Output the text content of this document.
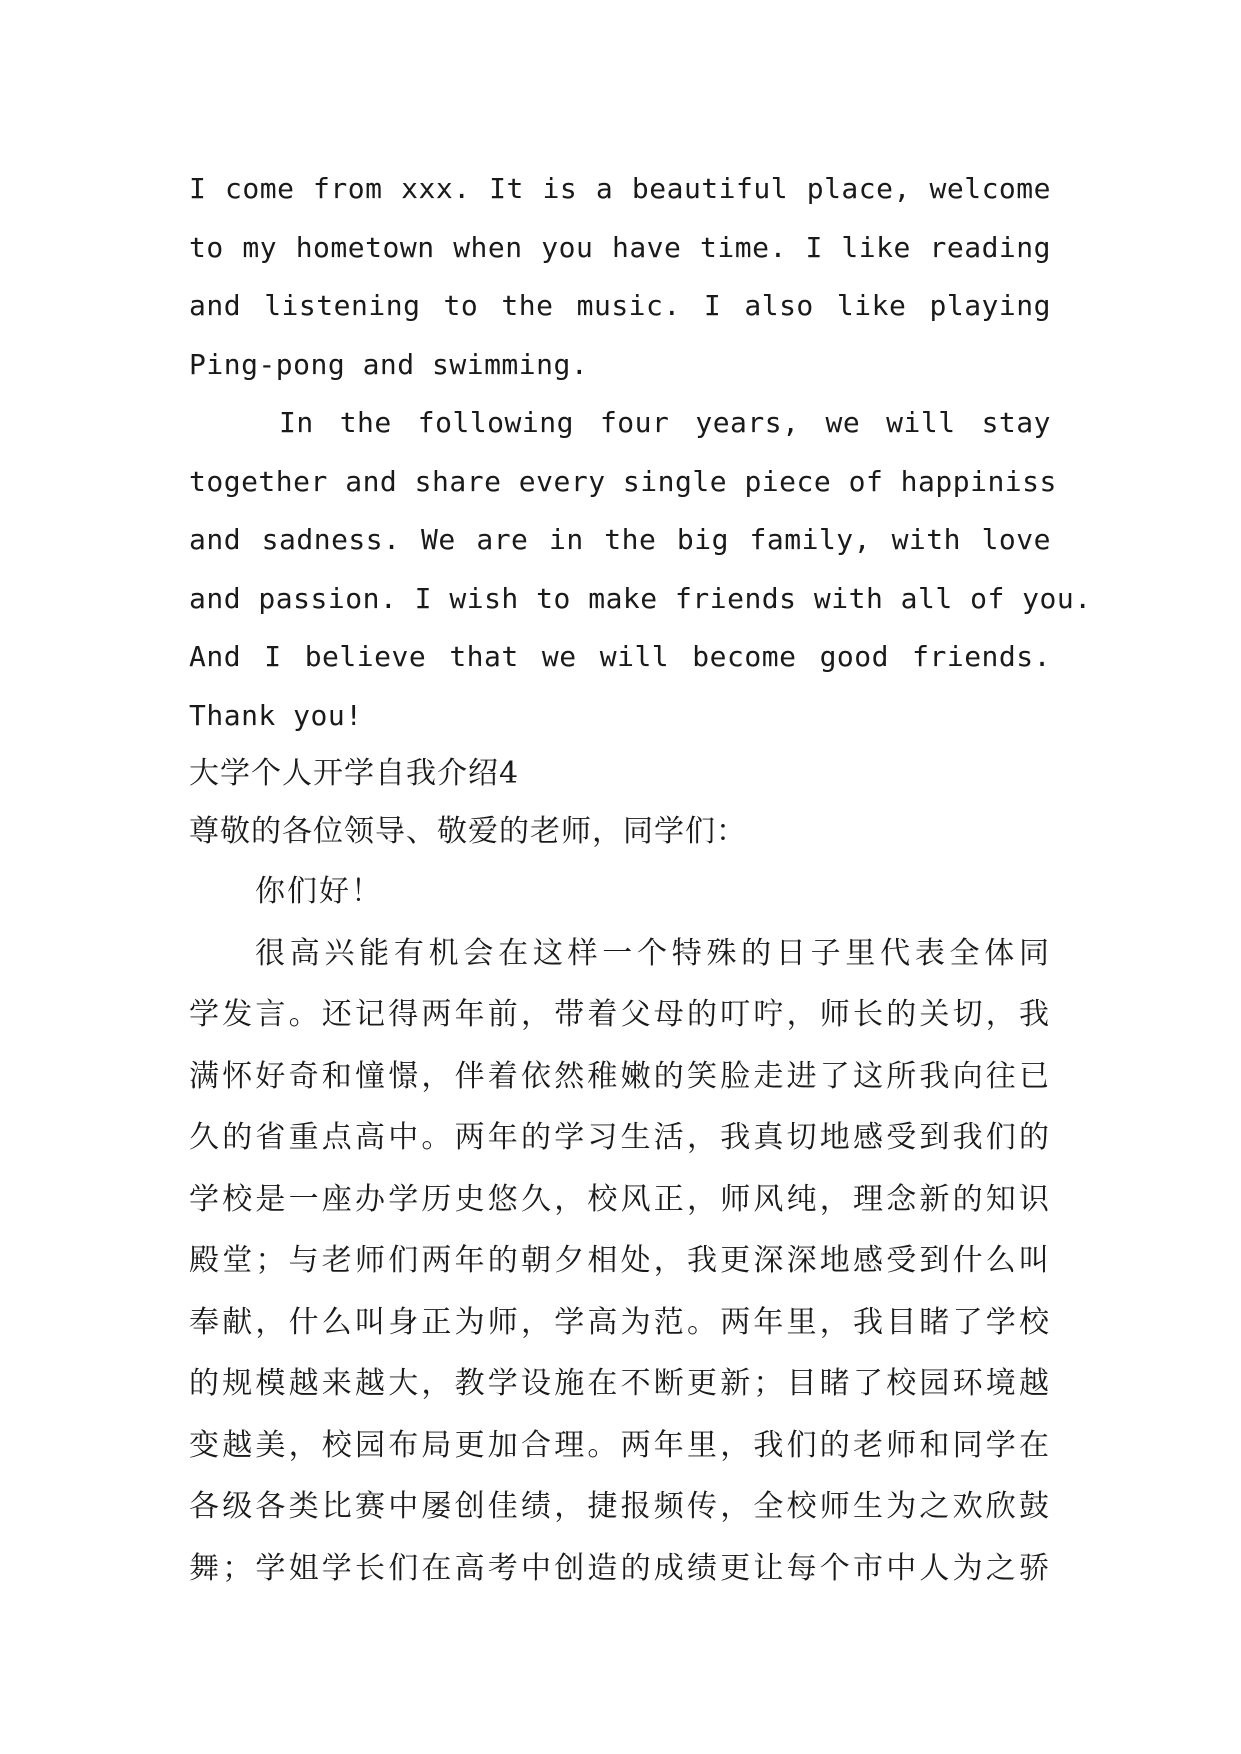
I come from xxx. It is a beautiful place, welcome
to my hometown when you have time. I like reading
and listening to the music. I also like playing
Ping-pong and swimming.
In the following four years, we will stay
together and share every single piece of happiniss
and sadness. We are in the big family, with love
and passion. I wish to make friends with all of you.
And I believe that we will become good friends.
Thank you!
大学个人开学自我介绍4
尊敬的各位领导、敬爱的老师，同学们：
你们好！
很高兴能有机会在这样一个特殊的日子里代表全体同
学发言。还记得两年前，带着父母的叮咛，师长的关切，我
满怀好奇和憧憬，伴着依然稚嫩的笑脸走进了这所我向往已
久的省重点高中。两年的学习生活，我真切地感受到我们的
学校是一座办学历史悠久，校风正，师风纯，理念新的知识
殿堂；与老师们两年的朝夕相处，我更深深地感受到什么叫
奉献，什么叫身正为师，学高为范。两年里，我目睹了学校
的规模越来越大，教学设施在不断更新；目睹了校园环境越
变越美，校园布局更加合理。两年里，我们的老师和同学在
各级各类比赛中屡创佳绩，捷报频传，全校师生为之欢欣鼓
舞；学姐学长们在高考中创造的成绩更让每个市中人为之骄
